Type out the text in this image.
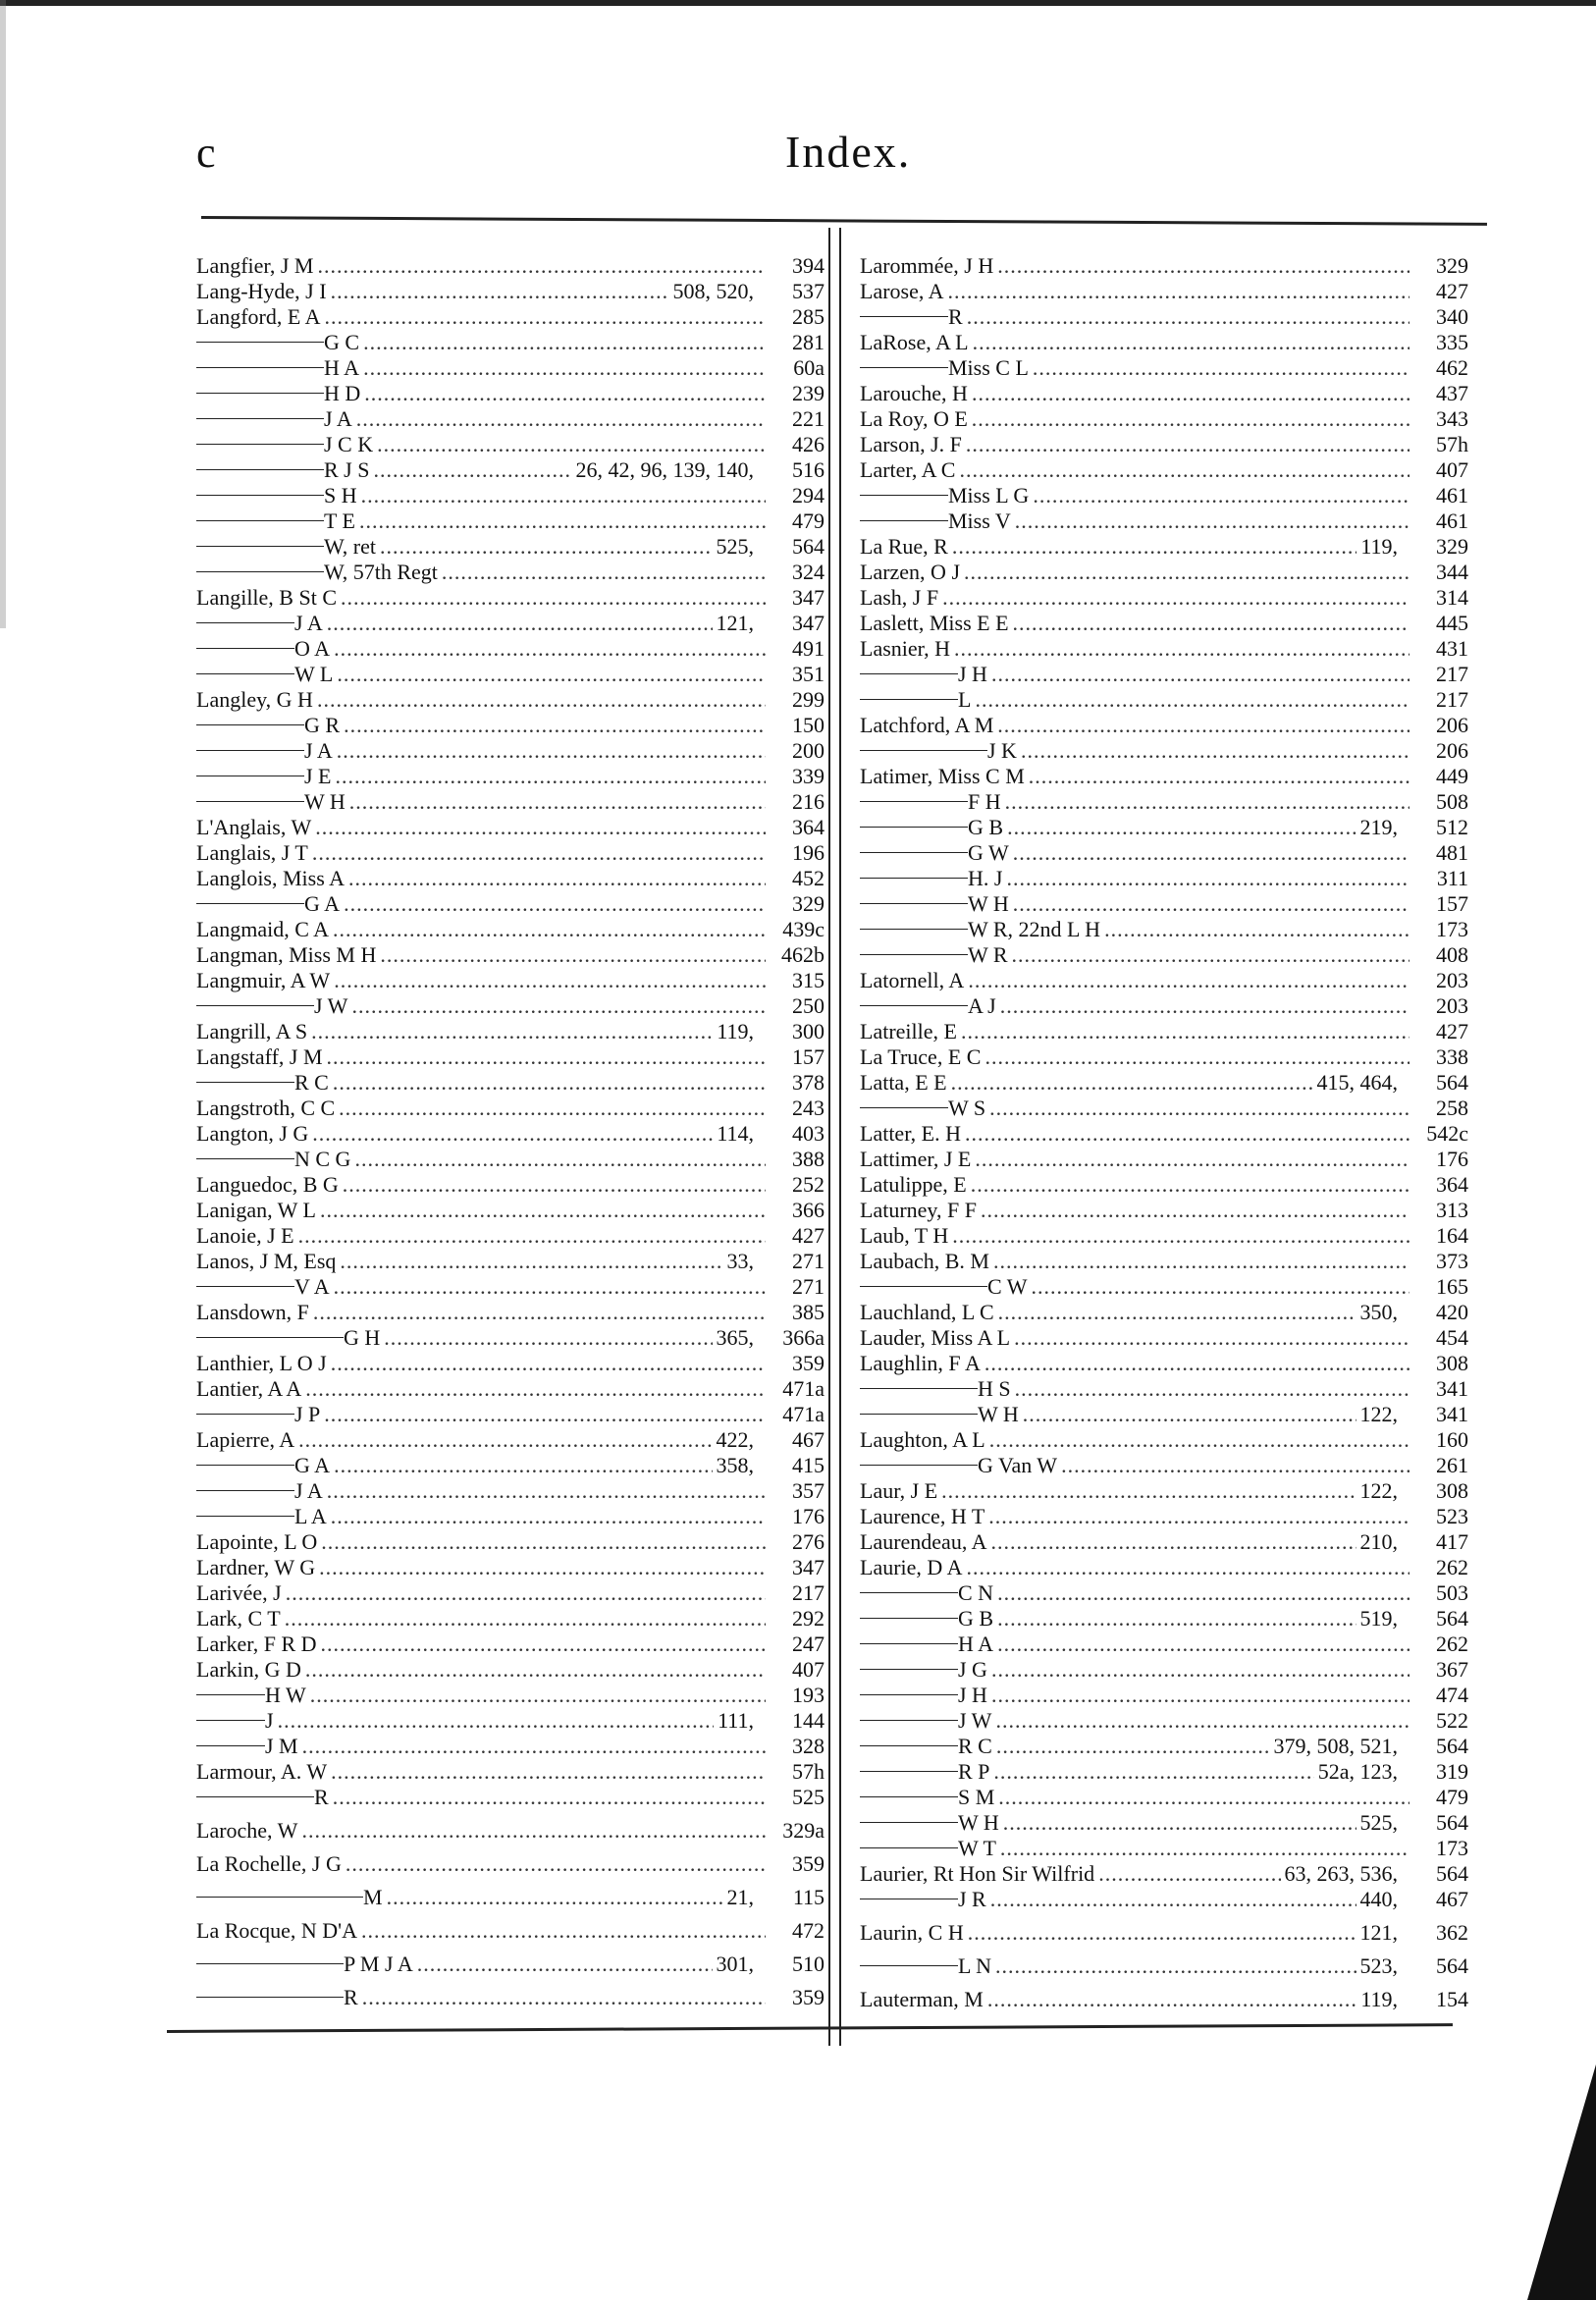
c	Index.
Langfier, J M .....	394
Lang-Hyde, J I .....	508, 520,	537
Langford, E A .....	285
G C .....	281
H A .....	60a
H D .....	239
J A .....	221
J C K .....	426
R J S .....	26, 42, 96, 139, 140,	516
S H .....	294
T E .....	479
W, ret .....	525,	564
W, 57th Regt .....	324
Langille, B St C .....	347
J A .....	121,	347
O A .....	491
W L .....	351
Langley, G H .....	299
G R .....	150
J A .....	200
J E .....	339
W H .....	216
L'Anglais, W .....	364
Langlais, J T .....	196
Langlois, Miss A .....	452
G A .....	329
Langmaid, C A .....	439c
Langman, Miss M H .....	462b
Langmuir, A W .....	315
J W .....	250
Langrill, A S .....	119,	300
Langstaff, J M .....	157
R C .....	378
Langstroth, C C .....	243
Langton, J G .....	114,	403
N C G .....	388
Languedoc, B G .....	252
Lanigan, W L .....	366
Lanoie, J E .....	427
Lanos, J M, Esq .....	33,	271
V A .....	271
Lansdown, F .....	385
G H .....	365,	366a
Lanthier, L O J .....	359
Lantier, A A .....	471a
J P .....	471a
Lapierre, A .....	422,	467
G A .....	358,	415
J A .....	357
L A .....	176
Lapointe, L O .....	276
Lardner, W G .....	347
Larivée, J .....	217
Lark, C T .....	292
Larker, F R D .....	247
Larkin, G D .....	407
H W .....	193
J .....	111,	144
J M .....	328
Larmour, A. W .....	57h
R .....	525
Laroche, W .....	329a
La Rochelle, J G .....	359
M .....	21,	115
La Rocque, N D'A .....	472
P M J A .....	301,	510
R .....	359
Larommée, J H .....	329
Larose, A .....	427
R .....	340
LaRose, A L .....	335
Miss C L .....	462
Larouche, H .....	437
La Roy, O E .....	343
Larson, J. F .....	57h
Larter, A C .....	407
Miss L G .....	461
Miss V .....	461
La Rue, R .....	119,	329
Larzen, O J .....	344
Lash, J F .....	314
Laslett, Miss E E .....	445
Lasnier, H .....	431
J H .....	217
L .....	217
Latchford, A M .....	206
J K .....	206
Latimer, Miss C M .....	449
F H .....	508
G B .....	219,	512
G W .....	481
H. J .....	311
W H .....	157
W R, 22nd L H .....	173
W R .....	408
Latornell, A .....	203
A J .....	203
Latreille, E .....	427
La Truce, E C .....	338
Latta, E E .....	415, 464,	564
W S .....	258
Latter, E. H .....	542c
Lattimer, J E .....	176
Latulippe, E .....	364
Laturney, F F .....	313
Laub, T H .....	164
Laubach, B. M .....	373
C W .....	165
Lauchland, L C .....	350,	420
Lauder, Miss A L .....	454
Laughlin, F A .....	308
H S .....	341
W H .....	122,	341
Laughton, A L .....	160
G Van W .....	261
Laur, J E .....	122,	308
Laurence, H T .....	523
Laurendeau, A .....	210,	417
Laurie, D A .....	262
C N .....	503
G B .....	519,	564
H A .....	262
J G .....	367
J H .....	474
J W .....	522
R C .....	379, 508, 521,	564
R P .....	52a, 123,	319
S M .....	479
W H .....	525,	564
W T .....	173
Laurier, Rt Hon Sir Wilfrid .....	63, 263, 536,	564
J R .....	440,	467
Laurin, C H .....	121,	362
L N .....	523,	564
Lauterman, M .....	119,	154
